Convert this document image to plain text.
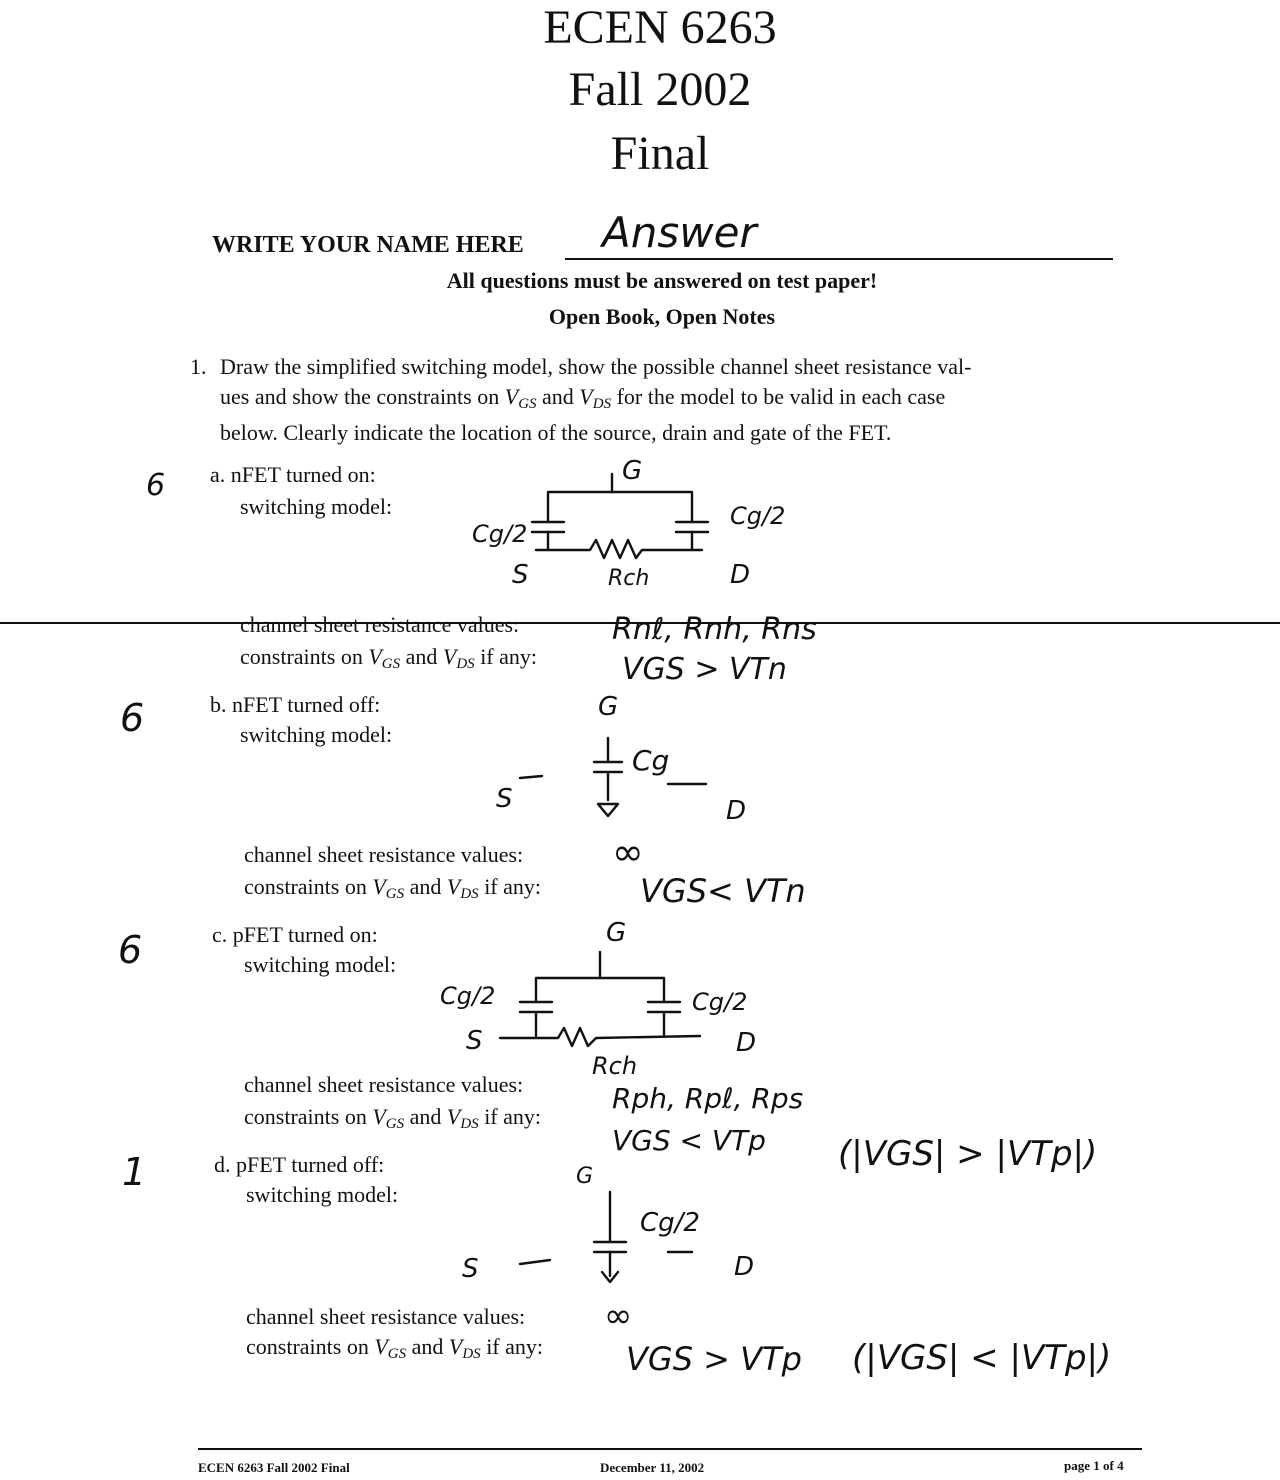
ECEN 6263
Fall 2002
Final
WRITE YOUR NAME HERE Answer
All questions must be answered on test paper!
Open Book, Open Notes
1. Draw the simplified switching model, show the possible channel sheet resistance val-
ues and show the constraints on $V_{GS}$ and $V_{DS}$ for the model to be valid in each case
below. Clearly indicate the location of the source, drain and gate of the FET.
6 a. nFET turned on:
switching model:
G
Cg/2
Cg/2
S	Rch	D
channel sheet resistance values:	Rnℓ, Rnh, Rns
constraints on $V_{GS}$ and $V_{DS}$ if any:	VGS > VTn
6	b. nFET turned off:
switching model:
G
Cg
S	D
channel sheet resistance values: ∞
constraints on $V_{GS}$ and $V_{DS}$ if any:	VGS< VTn
6	c. pFET turned on:
switching model:
G
Cg/2	Cg/2
S
Rch
D
channel sheet resistance values:	Rph, Rpℓ, Rps
constraints on $V_{GS}$ and $V_{DS}$ if any:
VGS < VTp (|VGS| > |VTp|)
1	d. pFET turned off:
switching model:
G
Cg/2
S	D
channel sheet resistance values: ∞
constraints on $V_{GS}$ and $V_{DS}$ if any:	VGS > VTp (|VGS| < |VTp|)
ECEN 6263 Fall 2002 Final	December 11, 2002	page 1 of 4
